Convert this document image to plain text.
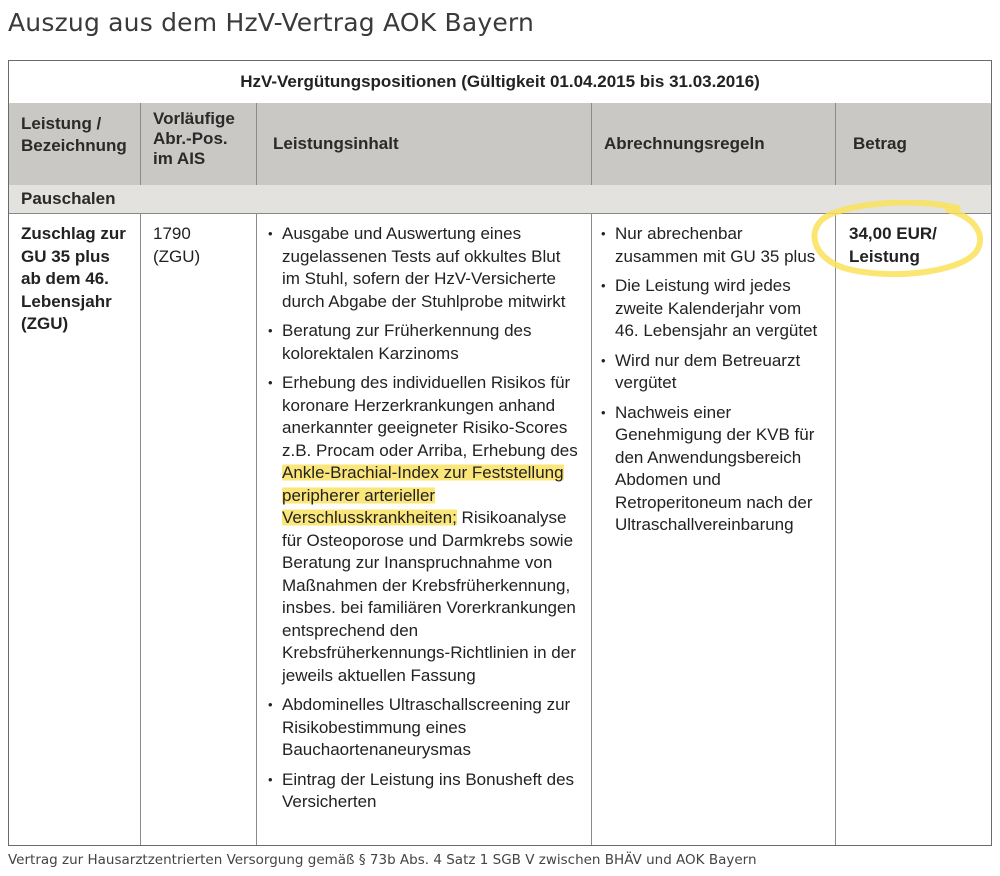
Auszug aus dem HzV-Vertrag AOK Bayern
HzV-Vergütungspositionen (Gültigkeit 01.04.2015 bis 31.03.2016)
Leistung /
Bezeichnung
Vorläufige
Abr.-Pos.
im AIS
Leistungsinhalt	Abrechnungsregeln	Betrag
Pauschalen
Zuschlag zur
GU 35 plus
ab dem 46.
Lebensjahr
(ZGU)
1790
(ZGU)
• Ausgabe und Auswertung eines zugelassenen Tests auf okkultes Blut im Stuhl, sofern der HzV-Versicherte durch Abgabe der Stuhlprobe mitwirkt
• Beratung zur Früherkennung des kolorektalen Karzinoms
• Erhebung des individuellen Risikos für koronare Herzerkrankungen anhand anerkannter geeigneter Risiko-Scores z.B. Procam oder Arriba, Erhebung des Ankle-Brachial-Index zur Feststellung peripherer arterieller Verschlusskrankheiten; Risikoanalyse für Osteoporose und Darmkrebs sowie Beratung zur Inanspruchnahme von Maßnahmen der Krebsfrüherkennung, insbes. bei familiären Vorerkrankungen entsprechend den Krebsfrüherkennungs-Richtlinien in der jeweils aktuellen Fassung
• Abdominelles Ultraschallscreening zur Risikobestimmung eines Bauchaortenaneurysmas
• Eintrag der Leistung ins Bonusheft des Versicherten
• Nur abrechenbar zusammen mit GU 35 plus
• Die Leistung wird jedes zweite Kalenderjahr vom 46. Lebensjahr an vergütet
• Wird nur dem Betreuarzt vergütet
• Nachweis einer Genehmigung der KVB für den Anwendungsbereich Abdomen und Retroperitoneum nach der Ultraschallvereinbarung
34,00 EUR/
Leistung
Vertrag zur Hausarztzentrierten Versorgung gemäß § 73b Abs. 4 Satz 1 SGB V zwischen BHÄV und AOK Bayern
